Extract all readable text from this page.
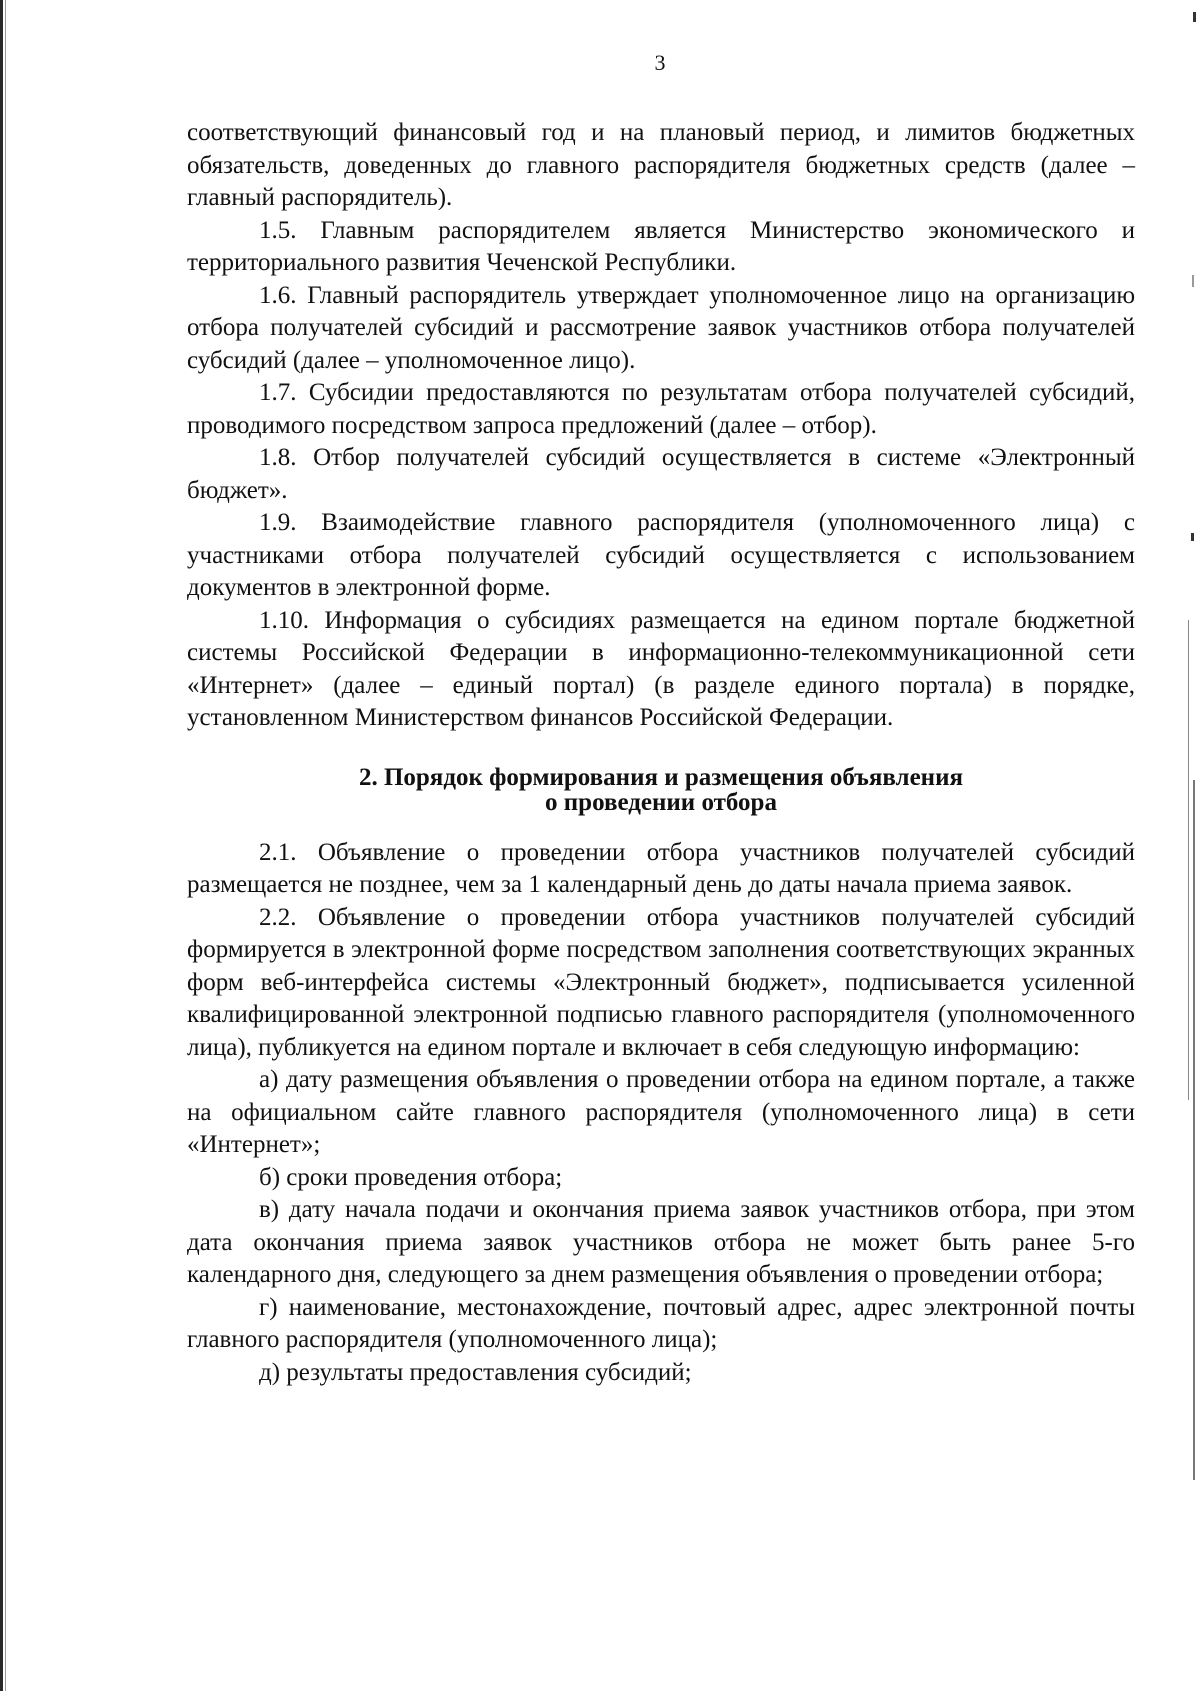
3

соответствующий финансовый год и на плановый период, и лимитов бюджетных обязательств, доведенных до главного распорядителя бюджетных средств (далее – главный распорядитель).

1.5. Главным распорядителем является Министерство экономического и территориального развития Чеченской Республики.

1.6. Главный распорядитель утверждает уполномоченное лицо на организацию отбора получателей субсидий и рассмотрение заявок участников отбора получателей субсидий (далее – уполномоченное лицо).

1.7. Субсидии предоставляются по результатам отбора получателей субсидий, проводимого посредством запроса предложений (далее – отбор).

1.8. Отбор получателей субсидий осуществляется в системе «Электронный бюджет».

1.9. Взаимодействие главного распорядителя (уполномоченного лица) с участниками отбора получателей субсидий осуществляется с использованием документов в электронной форме.

1.10. Информация о субсидиях размещается на едином портале бюджетной системы Российской Федерации в информационно-телекоммуникационной сети «Интернет» (далее – единый портал) (в разделе единого портала) в порядке, установленном Министерством финансов Российской Федерации.

2. Порядок формирования и размещения объявления
о проведении отбора

2.1. Объявление о проведении отбора участников получателей субсидий размещается не позднее, чем за 1 календарный день до даты начала приема заявок.

2.2. Объявление о проведении отбора участников получателей субсидий формируется в электронной форме посредством заполнения соответствующих экранных форм веб-интерфейса системы «Электронный бюджет», подписывается усиленной квалифицированной электронной подписью главного распорядителя (уполномоченного лица), публикуется на едином портале и включает в себя следующую информацию:

а) дату размещения объявления о проведении отбора на едином портале, а также на официальном сайте главного распорядителя (уполномоченного лица) в сети «Интернет»;

б) сроки проведения отбора;

в) дату начала подачи и окончания приема заявок участников отбора, при этом дата окончания приема заявок участников отбора не может быть ранее 5-го календарного дня, следующего за днем размещения объявления о проведении отбора;

г) наименование, местонахождение, почтовый адрес, адрес электронной почты главного распорядителя (уполномоченного лица);

д) результаты предоставления субсидий;
